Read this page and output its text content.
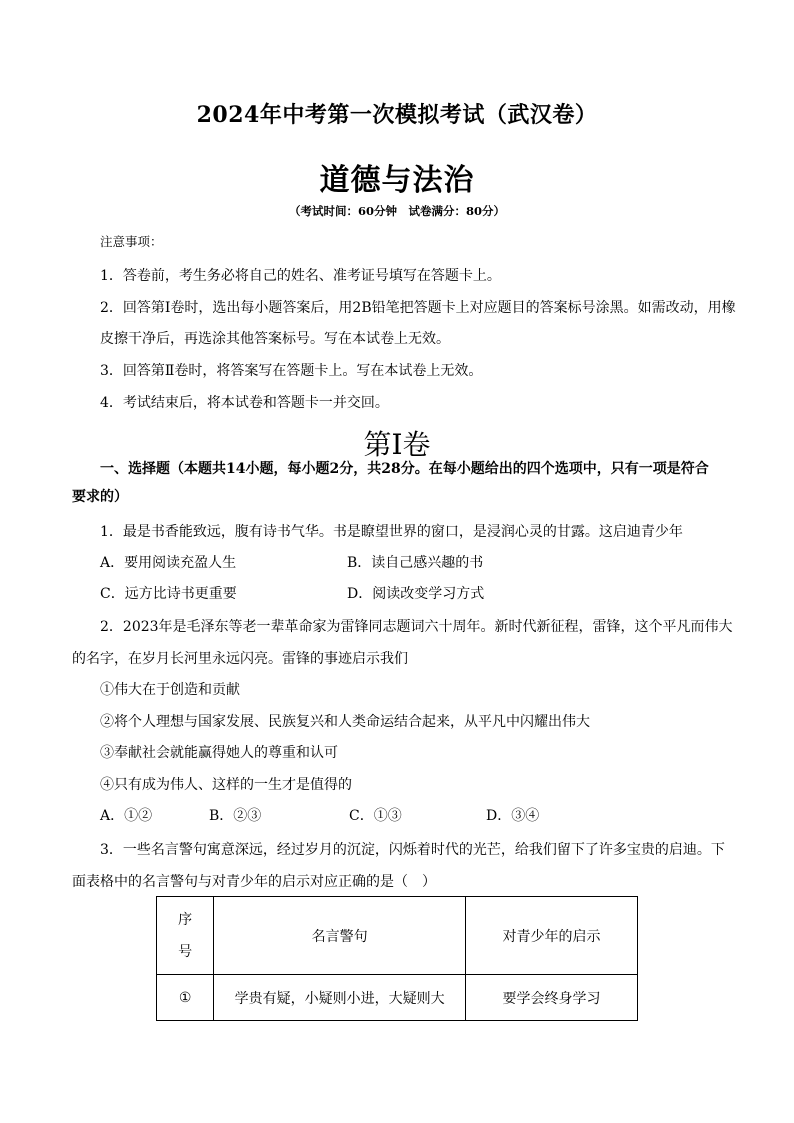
2024年中考第一次模拟考试（武汉卷）
道德与法治
（考试时间：60分钟　试卷满分：80分）
注意事项：
1．答卷前，考生务必将自己的姓名、准考证号填写在答题卡上。
2．回答第Ⅰ卷时，选出每小题答案后，用2B铅笔把答题卡上对应题目的答案标号涂黑。如需改动，用橡
皮擦干净后，再选涂其他答案标号。写在本试卷上无效。
3．回答第Ⅱ卷时，将答案写在答题卡上。写在本试卷上无效。
4．考试结束后，将本试卷和答题卡一并交回。
第Ⅰ卷
一、选择题（本题共14小题，每小题2分，共28分。在每小题给出的四个选项中，只有一项是符合
要求的）
1．最是书香能致远，腹有诗书气华。书是瞭望世界的窗口，是浸润心灵的甘露。这启迪青少年
A．要用阅读充盈人生	B．读自己感兴趣的书
C．远方比诗书更重要	D．阅读改变学习方式
2．2023年是毛泽东等老一辈革命家为雷锋同志题词六十周年。新时代新征程，雷锋，这个平凡而伟大
的名字，在岁月长河里永远闪亮。雷锋的事迹启示我们
①伟大在于创造和贡献
②将个人理想与国家发展、民族复兴和人类命运结合起来，从平凡中闪耀出伟大
③奉献社会就能赢得她人的尊重和认可
④只有成为伟人、这样的一生才是值得的
A．①②	B．②③	C．①③	D．③④
3．一些名言警句寓意深远，经过岁月的沉淀，闪烁着时代的光芒，给我们留下了许多宝贵的启迪。下
面表格中的名言警句与对青少年的启示对应正确的是（　）
序
号	名言警句	对青少年的启示
①	学贵有疑，小疑则小进，大疑则大	要学会终身学习
